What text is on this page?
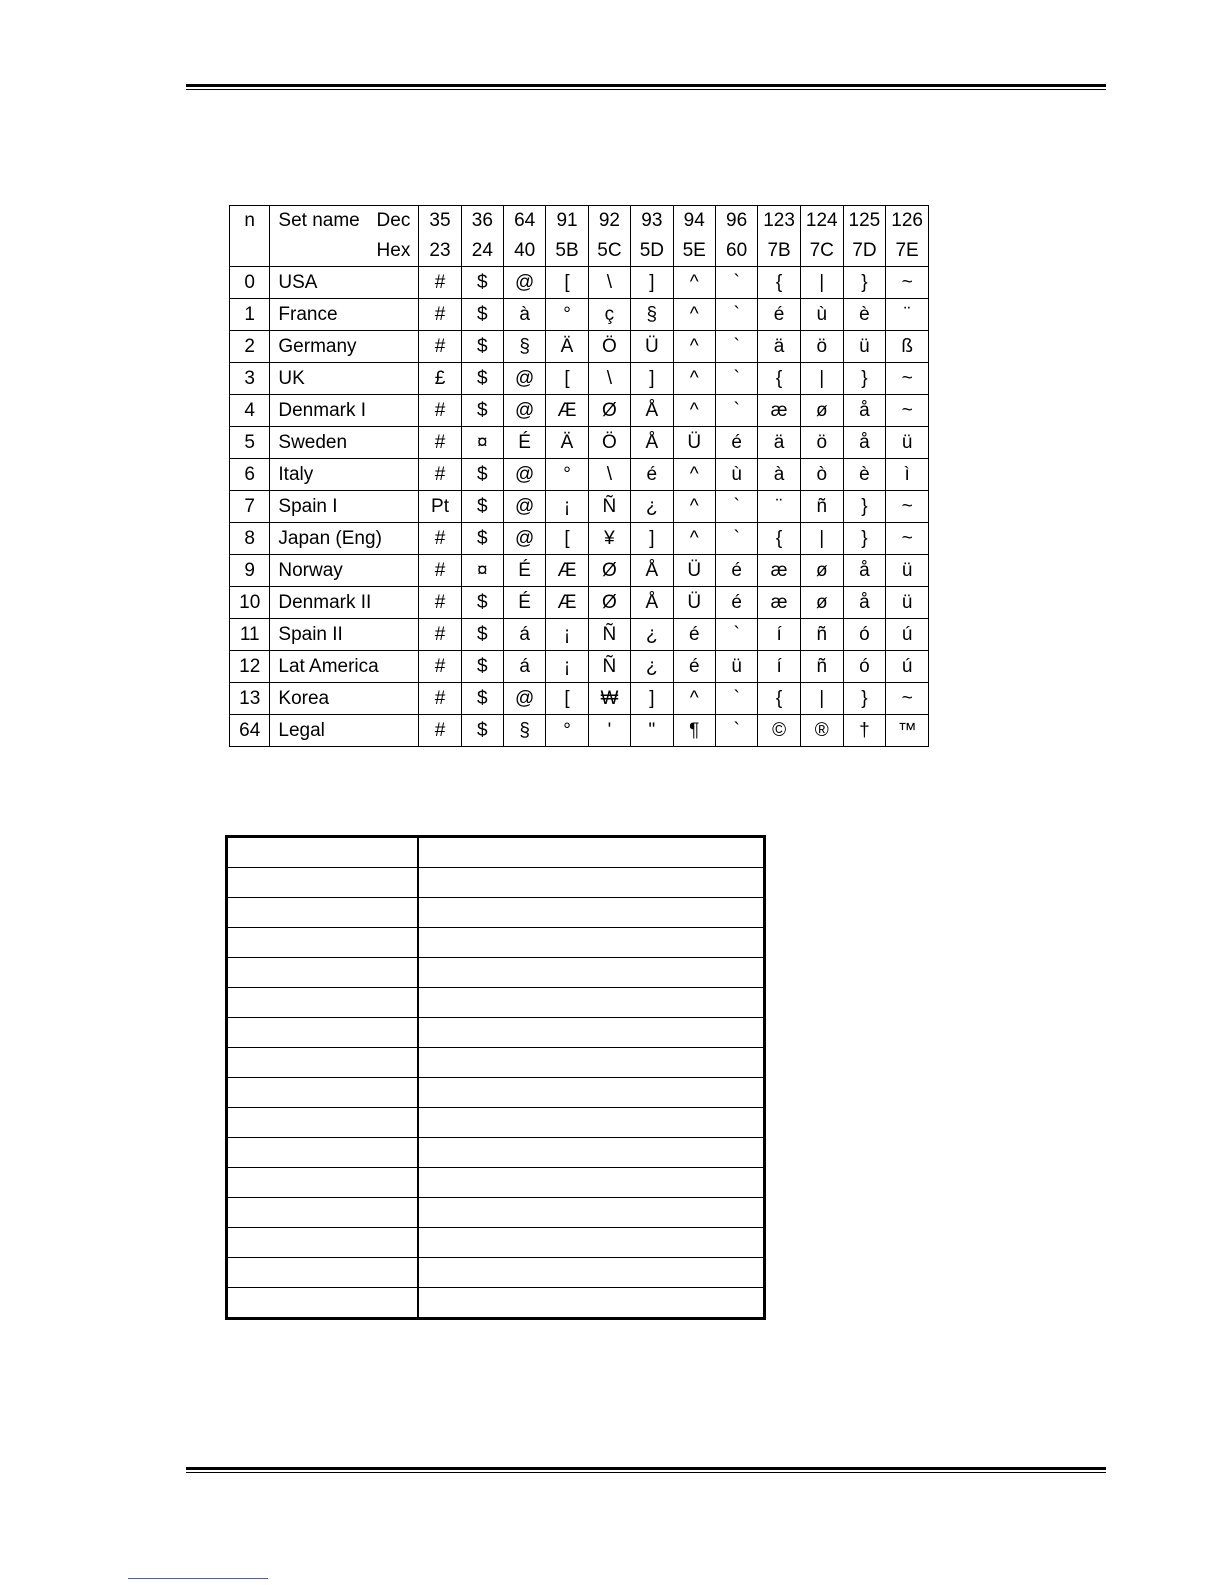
n	Set name Dec	35	36	64	91	92	93	94	96	123	124	125	126

	Hex	23	24	40	5B	5C	5D	5E	60	7B	7C	7D	7E
0	USA	#	$	@	[	\	]	^	`	{	|	}	~
1	France	#	$	à	°	ç	§	^	`	é	ù	è	¨
2	Germany	#	$	§	Ä	Ö	Ü	^	`	ä	ö	ü	ß
3	UK	£	$	@	[	\	]	^	`	{	|	}	~
4	Denmark I	#	$	@	Æ	Ø	Å	^	`	æ	ø	å	~
5	Sweden	#	¤	É	Ä	Ö	Å	Ü	é	ä	ö	å	ü
6	Italy	#	$	@	°	\	é	^	ù	à	ò	è	ì
7	Spain I	Pt	$	@	¡	Ñ	¿	^	`	¨	ñ	}	~
8	Japan (Eng)	#	$	@	[	¥	]	^	`	{	|	}	~
9	Norway	#	¤	É	Æ	Ø	Å	Ü	é	æ	ø	å	ü
10	Denmark II	#	$	É	Æ	Ø	Å	Ü	é	æ	ø	å	ü
11	Spain II	#	$	á	¡	Ñ	¿	é	`	í	ñ	ó	ú
12	Lat America	#	$	á	¡	Ñ	¿	é	ü	í	ñ	ó	ú
13	Korea	#	$	@	[	₩	]	^	`	{	|	}	~
64	Legal	#	$	§	°	'	"	¶	`	©	®	†	™
